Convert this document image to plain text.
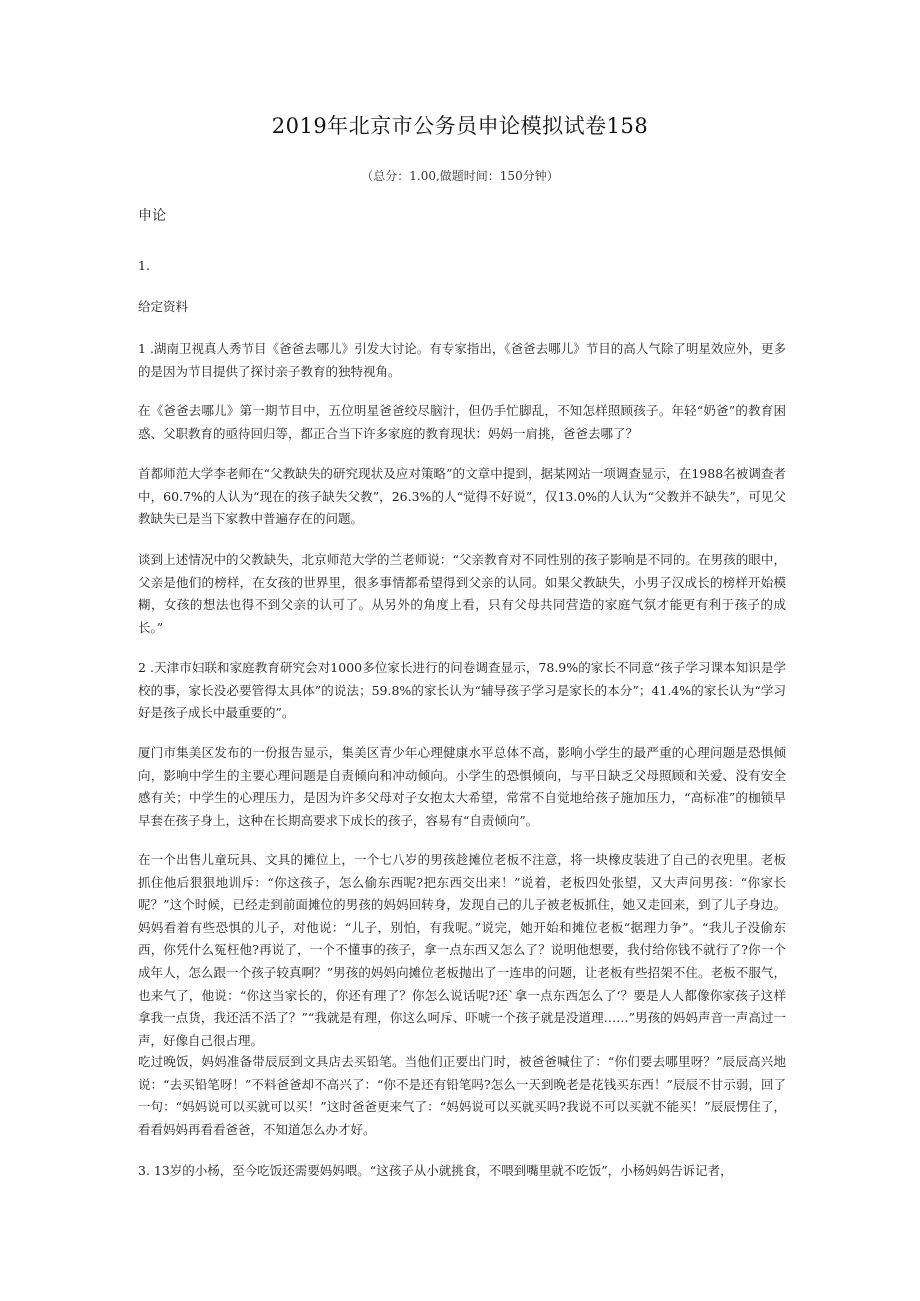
2019年北京市公务员申论模拟试卷158
（总分：1.00,做题时间：150分钟）
申论
1.
给定资料

1 .湖南卫视真人秀节目《爸爸去哪儿》引发大讨论。有专家指出，《爸爸去哪儿》节目的高人气除了明星效应外，更多的是因为节目提供了探讨亲子教育的独特视角。

在《爸爸去哪儿》第一期节目中，五位明星爸爸绞尽脑汁，但仍手忙脚乱，不知怎样照顾孩子。年轻“奶爸”的教育困惑、父职教育的亟待回归等，都正合当下许多家庭的教育现状：妈妈一肩挑，爸爸去哪了？

首都师范大学李老师在“父教缺失的研究现状及应对策略”的文章中提到，据某网站一项调查显示，在1988名被调查者中，60.7%的人认为“现在的孩子缺失父教”，26.3%的人“觉得不好说”，仅13.0%的人认为“父教并不缺失”，可见父教缺失已是当下家教中普遍存在的问题。

谈到上述情况中的父教缺失，北京师范大学的兰老师说：“父亲教育对不同性别的孩子影响是不同的。在男孩的眼中，父亲是他们的榜样，在女孩的世界里，很多事情都希望得到父亲的认同。如果父教缺失，小男子汉成长的榜样开始模糊，女孩的想法也得不到父亲的认可了。从另外的角度上看，只有父母共同营造的家庭气氛才能更有利于孩子的成长。”

2 .天津市妇联和家庭教育研究会对1000多位家长进行的问卷调查显示，78.9%的家长不同意“孩子学习课本知识是学校的事，家长没必要管得太具体”的说法；59.8%的家长认为“辅导孩子学习是家长的本分”；41.4%的家长认为“学习好是孩子成长中最重要的”。

厦门市集美区发布的一份报告显示，集美区青少年心理健康水平总体不高，影响小学生的最严重的心理问题是恐惧倾向，影响中学生的主要心理问题是自责倾向和冲动倾向。小学生的恐惧倾向，与平日缺乏父母照顾和关爱、没有安全感有关；中学生的心理压力，是因为许多父母对子女抱太大希望，常常不自觉地给孩子施加压力，“高标准”的枷锁早早套在孩子身上，这种在长期高要求下成长的孩子，容易有“自责倾向”。

在一个出售儿童玩具、文具的摊位上，一个七八岁的男孩趁摊位老板不注意，将一块橡皮装进了自己的衣兜里。老板抓住他后狠狠地训斥：“你这孩子，怎么偷东西呢?把东西交出来！”说着，老板四处张望，又大声问男孩：“你家长呢？”这个时候，已经走到前面摊位的男孩的妈妈回转身，发现自己的儿子被老板抓住，她又走回来，到了儿子身边。妈妈看着有些恐惧的儿子，对他说：“儿子，别怕，有我呢。”说完，她开始和摊位老板“据理力争”。“我儿子没偷东西，你凭什么冤枉他?再说了，一个不懂事的孩子，拿一点东西又怎么了？说明他想要，我付给你钱不就行了?你一个成年人，怎么跟一个孩子较真啊？”男孩的妈妈向摊位老板抛出了一连串的问题，让老板有些招架不住。老板不服气，也来气了，他说：“你这当家长的，你还有理了？你怎么说话呢?还`拿一点东西怎么了‘？要是人人都像你家孩子这样拿我一点货，我还活不活了？”“我就是有理，你这么呵斥、吓唬一个孩子就是没道理……”男孩的妈妈声音一声高过一声，好像自己很占理。

吃过晚饭，妈妈准备带辰辰到文具店去买铅笔。当他们正要出门时，被爸爸喊住了：“你们要去哪里呀？”辰辰高兴地说：“去买铅笔呀！”不料爸爸却不高兴了：“你不是还有铅笔吗?怎么一天到晚老是花钱买东西！”辰辰不甘示弱，回了一句：“妈妈说可以买就可以买！”这时爸爸更来气了：“妈妈说可以买就买吗?我说不可以买就不能买！”辰辰愣住了，看看妈妈再看看爸爸，不知道怎么办才好。

3. 13岁的小杨，至今吃饭还需要妈妈喂。“这孩子从小就挑食，不喂到嘴里就不吃饭”，小杨妈妈告诉记者，
